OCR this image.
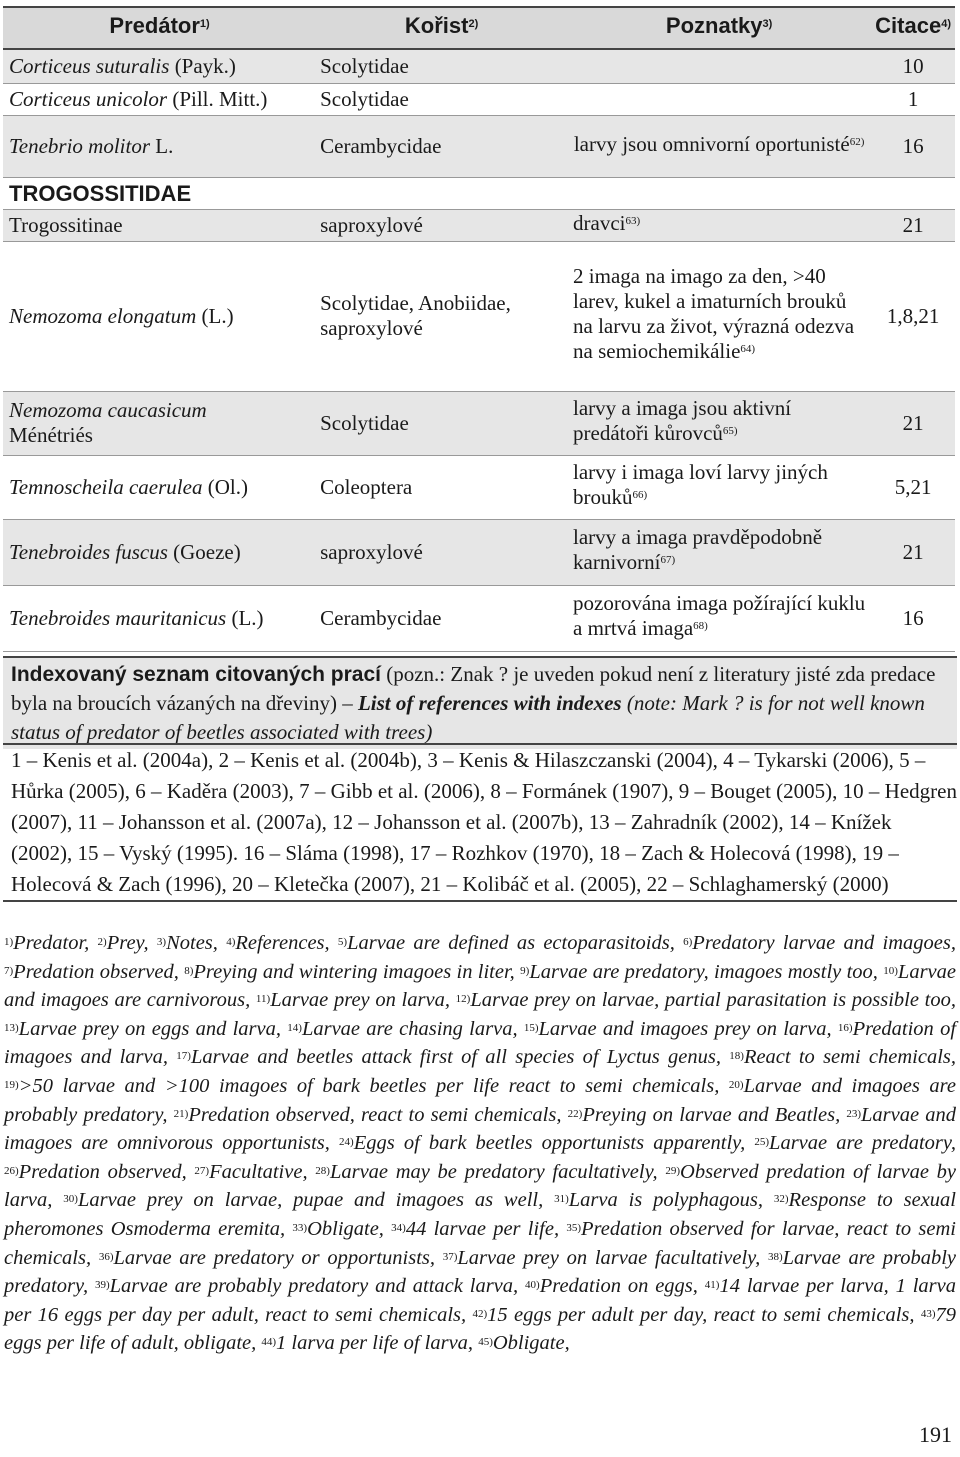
Predátor$^{1)}$	Kořist$^{2)}$	Poznatky$^{3)}$	Citace$^{4)}$
Corticeus suturalis (Payk.)	Scolytidae		10
Corticeus unicolor (Pill. Mitt.)	Scolytidae		1
Tenebrio molitor L.	Cerambycidae	larvy jsou omnivorní oportunisté$^{62)}$	16
TROGOSSITIDAE			
Trogossitinae	saproxylové	dravci$^{63)}$	21
Nemozoma elongatum (L.)	Scolytidae, Anobiidae, saproxylové	2 imaga na imago za den, >40 larev, kukel a imaturních brouků na larvu za život, výrazná odezva na semiochemikálie$^{64)}$	1,8,21
Nemozoma caucasicum
Ménétriés	Scolytidae	larvy a imaga jsou aktivní predátoři kůrovců$^{65)}$	21
Temnoscheila caerulea (Ol.)	Coleoptera	larvy i imaga loví larvy jiných brouků$^{66)}$	5,21
Tenebroides fuscus (Goeze)	saproxylové	larvy a imaga pravděpodobně karnivorní$^{67)}$	21
Tenebroides mauritanicus (L.)	Cerambycidae	pozorována imaga požírající kuklu a mrtvá imaga$^{68)}$	16
Indexovaný seznam citovaných prací (pozn.: Znak ? je uveden pokud není z literatury jisté zda predace byla na broucích vázaných na dřeviny) – List of references with indexes (note: Mark ? is for not well known status of predator of beetles associated with trees)
1 – Kenis et al. (2004a), 2 – Kenis et al. (2004b), 3 – Kenis & Hilaszczanski (2004), 4 – Tykarski (2006), 5 – Hůrka (2005), 6 – Kaděra (2003), 7 – Gibb et al. (2006), 8 – Formánek (1907), 9 – Bouget (2005), 10 – Hedgren (2007), 11 – Johansson et al. (2007a), 12 – Johansson et al. (2007b), 13 – Zahradník (2002), 14 – Knížek (2002), 15 – Vyský (1995). 16 – Sláma (1998), 17 – Rozhkov (1970), 18 – Zach & Holecová (1998), 19 – Holecová & Zach (1996), 20 – Kletečka (2007), 21 – Kolibáč et al. (2005), 22 – Schlaghamerský (2000)
$^{1)}$Predator, $^{2)}$Prey, $^{3)}$Notes, $^{4)}$References, $^{5)}$Larvae are defined as ectoparasitoids, $^{6)}$Predatory larvae and imagoes, $^{7)}$Predation observed, $^{8)}$Preying and wintering imagoes in liter, $^{9)}$Larvae are predatory, imagoes mostly too, $^{10)}$Larvae and imagoes are carnivorous, $^{11)}$Larvae prey on larva, $^{12)}$Larvae prey on larvae, partial parasitation is possible too, $^{13)}$Larvae prey on eggs and larva, $^{14)}$Larvae are chasing larva, $^{15)}$Larvae and imagoes prey on larva, $^{16)}$Predation of imagoes and larva, $^{17)}$Larvae and beetles attack first of all species of Lyctus genus, $^{18)}$React to semi chemicals, $^{19)}$>50 larvae and >100 imagoes of bark beetles per life react to semi chemicals, $^{20)}$Larvae and imagoes are probably predatory, $^{21)}$Predation observed, react to semi chemicals, $^{22)}$Preying on larvae and Beatles, $^{23)}$Larvae and imagoes are omnivorous opportunists, $^{24)}$Eggs of bark beetles opportunists apparently, $^{25)}$Larvae are predatory, $^{26)}$Predation observed, $^{27)}$Facultative, $^{28)}$Larvae may be predatory facultatively, $^{29)}$Observed predation of larvae by larva, $^{30)}$Larvae prey on larvae, pupae and imagoes as well, $^{31)}$Larva is polyphagous, $^{32)}$Response to sexual pheromones Osmoderma eremita, $^{33)}$Obligate, $^{34)}$44 larvae per life, $^{35)}$Predation observed for larvae, react to semi chemicals, $^{36)}$Larvae are predatory or opportunists, $^{37)}$Larvae prey on larvae facultatively, $^{38)}$Larvae are probably predatory, $^{39)}$Larvae are probably predatory and attack larva, $^{40)}$Predation on eggs, $^{41)}$14 larvae per larva, 1 larva per 16 eggs per day per adult, react to semi chemicals, $^{42)}$15 eggs per adult per day, react to semi chemicals, $^{43)}$79 eggs per life of adult, obligate, $^{44)}$1 larva per life of larva, $^{45)}$Obligate,
191
